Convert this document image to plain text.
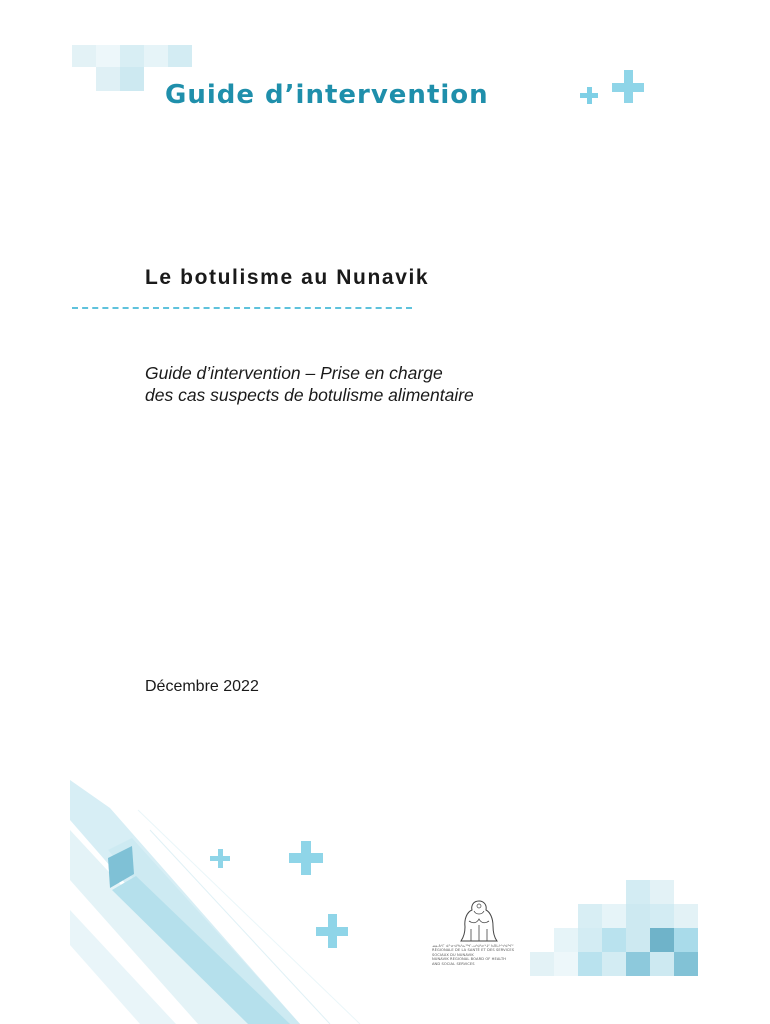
Guide d’intervention
Le botulisme au Nunavik
Guide d’intervention – Prise en charge
des cas suspects de botulisme alimentaire
Décembre 2022
ᓄᓇᕕᒻᒥ ᐋᓐᓂᐊᖃᕐᓇᙱᓗᓯᐊᕐᓂᕐᒧᑦ ᑲᑎᒪᔨᕐᔪᐊᖏᑦ
RÉGIONALE DE LA SANTÉ ET DES SERVICES SOCIAUX DU NUNAVIK
NUNAVIK REGIONAL BOARD OF HEALTH
AND SOCIAL SERVICES
